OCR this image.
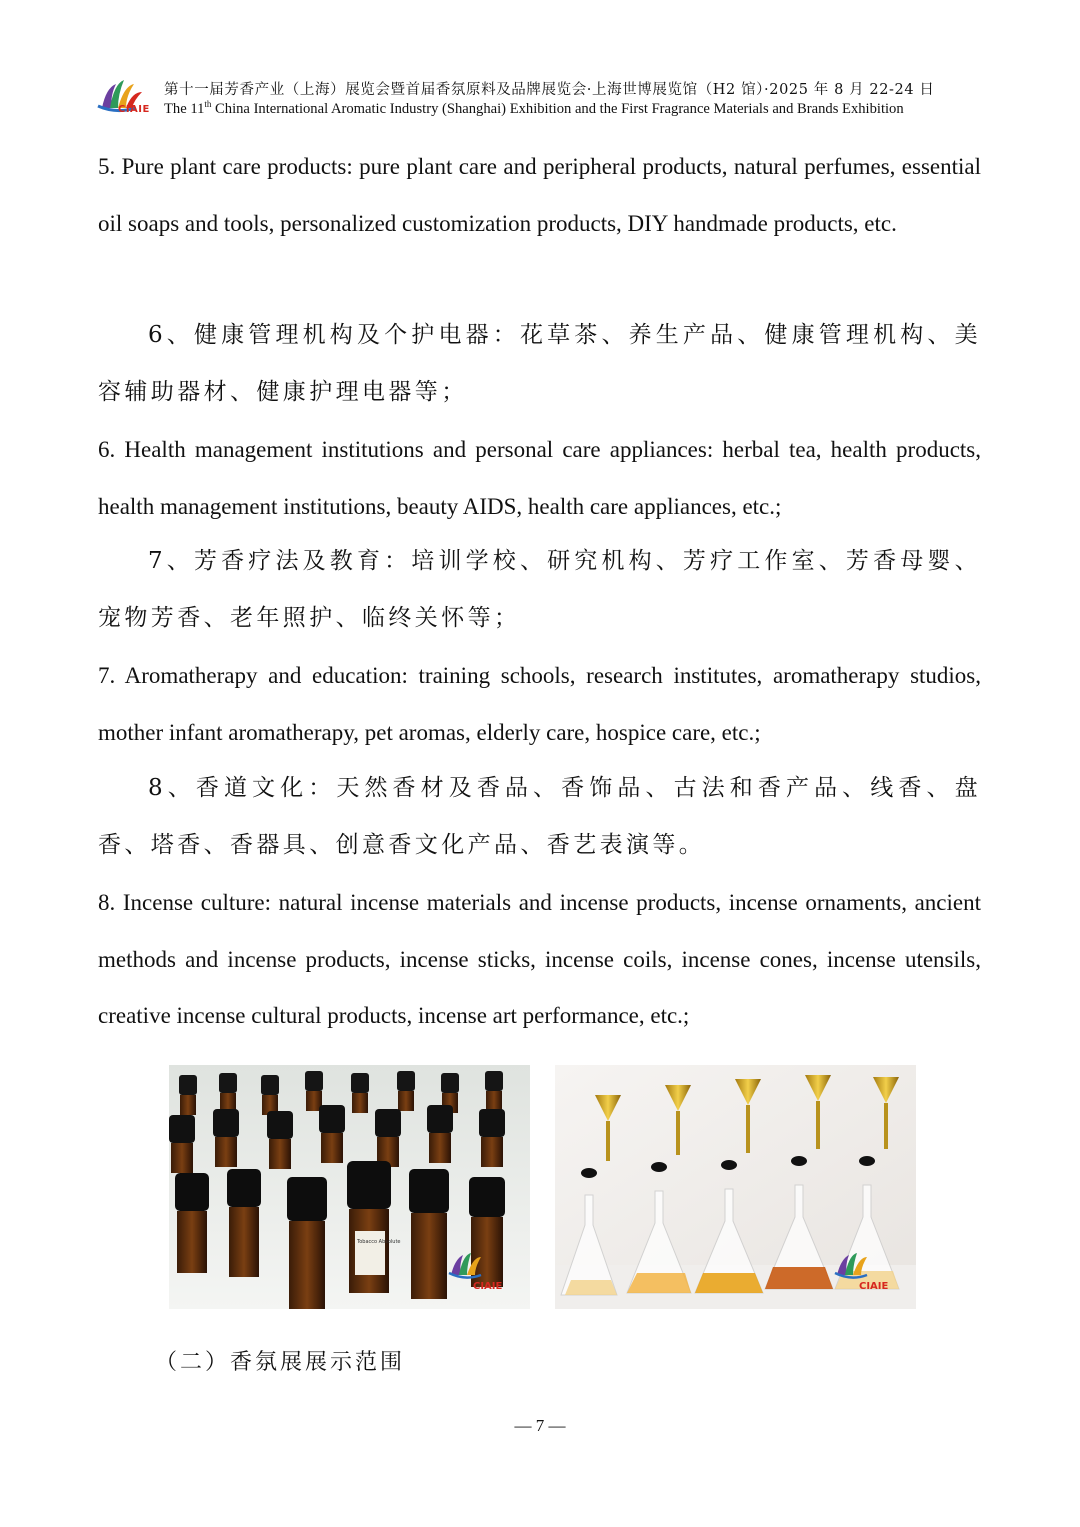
CIAIE
第十一届芳香产业（上海）展览会暨首届香氛原料及品牌展览会·上海世博展览馆（H2 馆）·2025 年 8 月 22-24 日
The 11th China International Aromatic Industry (Shanghai) Exhibition and the First Fragrance Materials and Brands Exhibition
5. Pure plant care products: pure plant care and peripheral products, natural perfumes, essential oil soaps and tools, personalized customization products, DIY handmade products, etc.
6、健康管理机构及个护电器：花草茶、养生产品、健康管理机构、美容辅助器材、健康护理电器等；
6. Health management institutions and personal care appliances: herbal tea, health products, health management institutions, beauty AIDS, health care appliances, etc.;
7、芳香疗法及教育：培训学校、研究机构、芳疗工作室、芳香母婴、宠物芳香、老年照护、临终关怀等；
7. Aromatherapy and education: training schools, research institutes, aromatherapy studios, mother infant aromatherapy, pet aromas, elderly care, hospice care, etc.;
8、香道文化：天然香材及香品、香饰品、古法和香产品、线香、盘香、塔香、香器具、创意香文化产品、香艺表演等。
8. Incense culture: natural incense materials and incense products, incense ornaments, ancient methods and incense products, incense sticks, incense coils, incense cones, incense utensils, creative incense cultural products, incense art performance, etc.;
Tobacco Absolute
CIAIE	CIAIE
（二）香氛展展示范围
— 7 —
